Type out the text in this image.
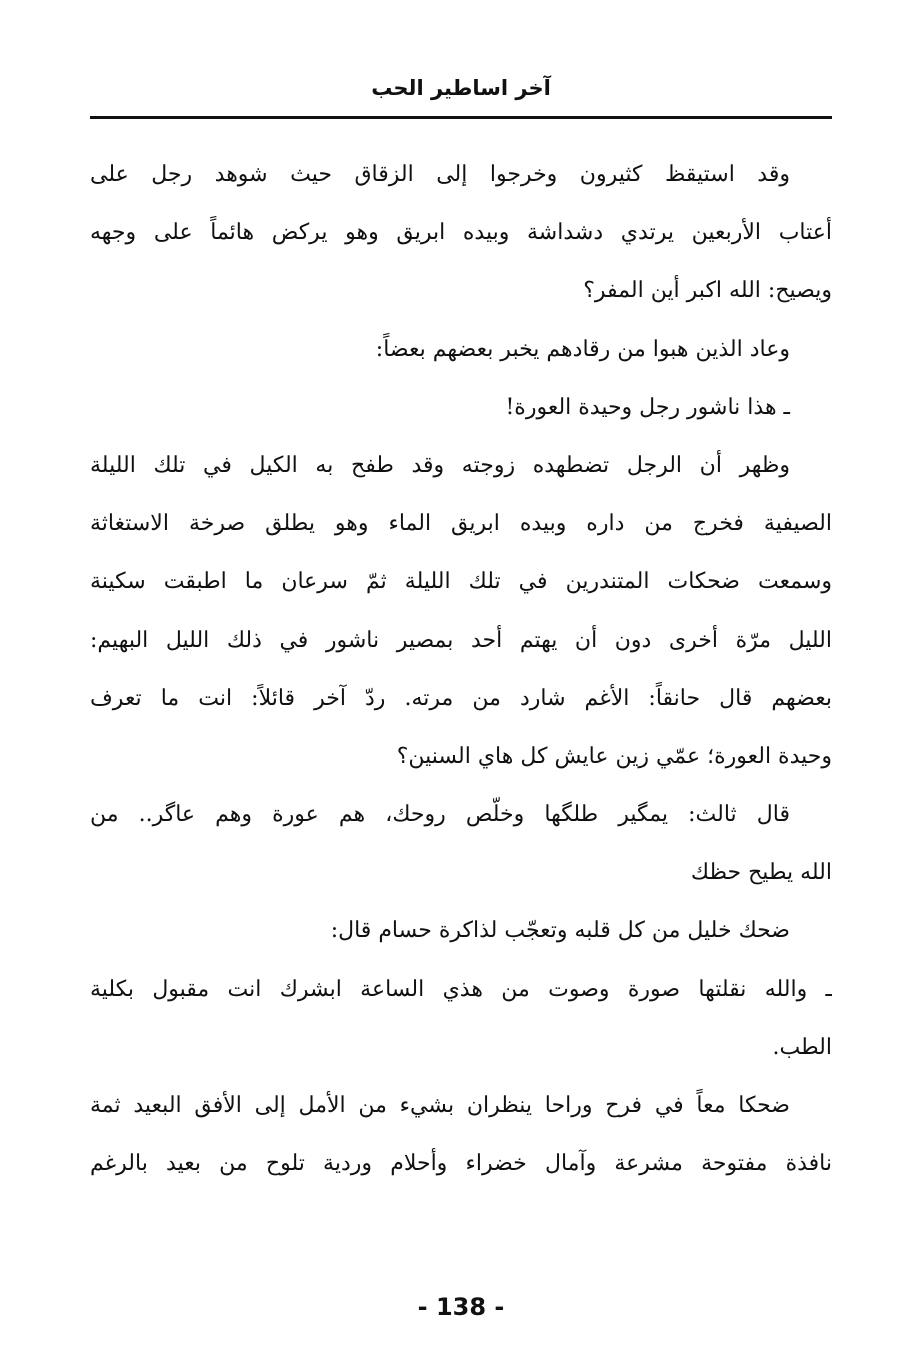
آخر اساطير الحب
وقد استيقظ كثيرون وخرجوا إلى الزقاق حيث شوهد رجل على
أعتاب الأربعين يرتدي دشداشة وبيده ابريق وهو يركض هائماً على وجهه
ويصيح: الله اكبر أين المفر؟
وعاد الذين هبوا من رقادهم يخبر بعضهم بعضاً:
ـ هذا ناشور رجل وحيدة العورة!
وظهر أن الرجل تضطهده زوجته وقد طفح به الكيل في تلك الليلة
الصيفية فخرج من داره وبيده ابريق الماء وهو يطلق صرخة الاستغاثة
وسمعت ضحكات المتندرين في تلك الليلة ثمّ سرعان ما اطبقت سكينة
الليل مرّة أخرى دون أن يهتم أحد بمصير ناشور في ذلك الليل البهيم:
بعضهم قال حانقاً: الأغم شارد من مرته. ردّ آخر قائلاً: انت ما تعرف
وحيدة العورة؛ عمّي زين عايش كل هاي السنين؟
قال ثالث: يمگير طلگها وخلّص روحك، هم عورة وهم عاگر.. من
الله يطيح حظك
ضحك خليل من كل قلبه وتعجّب لذاكرة حسام قال:
ـ والله نقلتها صورة وصوت من هذي الساعة ابشرك انت مقبول بكلية
الطب.
ضحكا معاً في فرح وراحا ينظران بشيء من الأمل إلى الأفق البعيد ثمة
نافذة مفتوحة مشرعة وآمال خضراء وأحلام وردية تلوح من بعيد بالرغم
- 138 -
